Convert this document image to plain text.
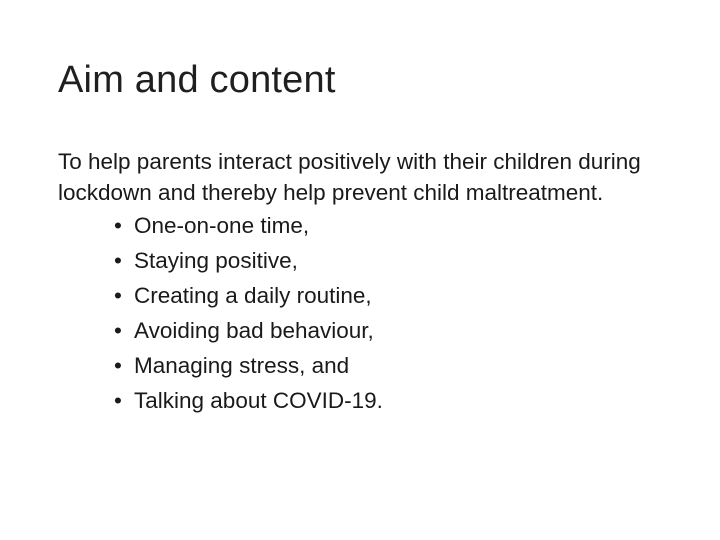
Aim and content

To help parents interact positively with their children during lockdown and thereby help prevent child maltreatment.

• One-on-one time,
• Staying positive,
• Creating a daily routine,
• Avoiding bad behaviour,
• Managing stress, and
• Talking about COVID-19.
